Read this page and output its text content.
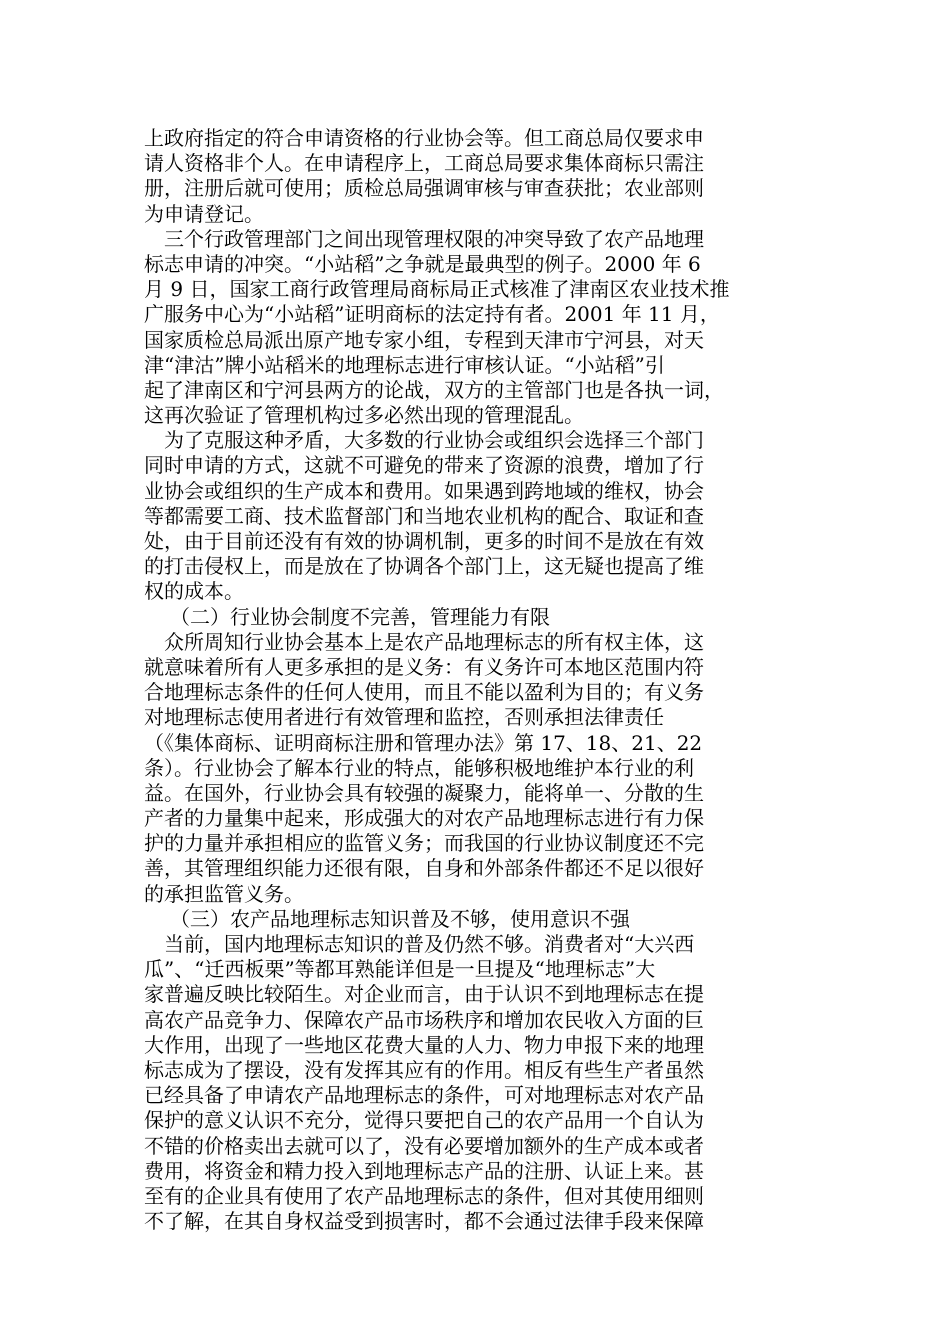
上政府指定的符合申请资格的行业协会等。但工商总局仅要求申
请人资格非个人。在申请程序上，工商总局要求集体商标只需注
册，注册后就可使用；质检总局强调审核与审查获批；农业部则
为申请登记。
三个行政管理部门之间出现管理权限的冲突导致了农产品地理
标志申请的冲突。“小站稻”之争就是最典型的例子。2000 年 6
月 9 日，国家工商行政管理局商标局正式核准了津南区农业技术推
广服务中心为“小站稻”证明商标的法定持有者。2001 年 11 月，
国家质检总局派出原产地专家小组，专程到天津市宁河县，对天
津“津沽”牌小站稻米的地理标志进行审核认证。“小站稻”引
起了津南区和宁河县两方的论战，双方的主管部门也是各执一词，
这再次验证了管理机构过多必然出现的管理混乱。
为了克服这种矛盾，大多数的行业协会或组织会选择三个部门
同时申请的方式，这就不可避免的带来了资源的浪费，增加了行
业协会或组织的生产成本和费用。如果遇到跨地域的维权，协会
等都需要工商、技术监督部门和当地农业机构的配合、取证和查
处，由于目前还没有有效的协调机制，更多的时间不是放在有效
的打击侵权上，而是放在了协调各个部门上，这无疑也提高了维
权的成本。
（二）行业协会制度不完善，管理能力有限
众所周知行业协会基本上是农产品地理标志的所有权主体，这
就意味着所有人更多承担的是义务：有义务许可本地区范围内符
合地理标志条件的任何人使用，而且不能以盈利为目的；有义务
对地理标志使用者进行有效管理和监控，否则承担法律责任
（《集体商标、证明商标注册和管理办法》第 17、18、21、22
条）。行业协会了解本行业的特点，能够积极地维护本行业的利
益。在国外，行业协会具有较强的凝聚力，能将单一、分散的生
产者的力量集中起来，形成强大的对农产品地理标志进行有力保
护的力量并承担相应的监管义务；而我国的行业协议制度还不完
善，其管理组织能力还很有限，自身和外部条件都还不足以很好
的承担监管义务。
（三）农产品地理标志知识普及不够，使用意识不强
当前，国内地理标志知识的普及仍然不够。消费者对“大兴西
瓜”、“迁西板栗”等都耳熟能详但是一旦提及“地理标志”大
家普遍反映比较陌生。对企业而言，由于认识不到地理标志在提
高农产品竞争力、保障农产品市场秩序和增加农民收入方面的巨
大作用，出现了一些地区花费大量的人力、物力申报下来的地理
标志成为了摆设，没有发挥其应有的作用。相反有些生产者虽然
已经具备了申请农产品地理标志的条件，可对地理标志对农产品
保护的意义认识不充分，觉得只要把自己的农产品用一个自认为
不错的价格卖出去就可以了，没有必要增加额外的生产成本或者
费用，将资金和精力投入到地理标志产品的注册、认证上来。甚
至有的企业具有使用了农产品地理标志的条件，但对其使用细则
不了解，在其自身权益受到损害时，都不会通过法律手段来保障
